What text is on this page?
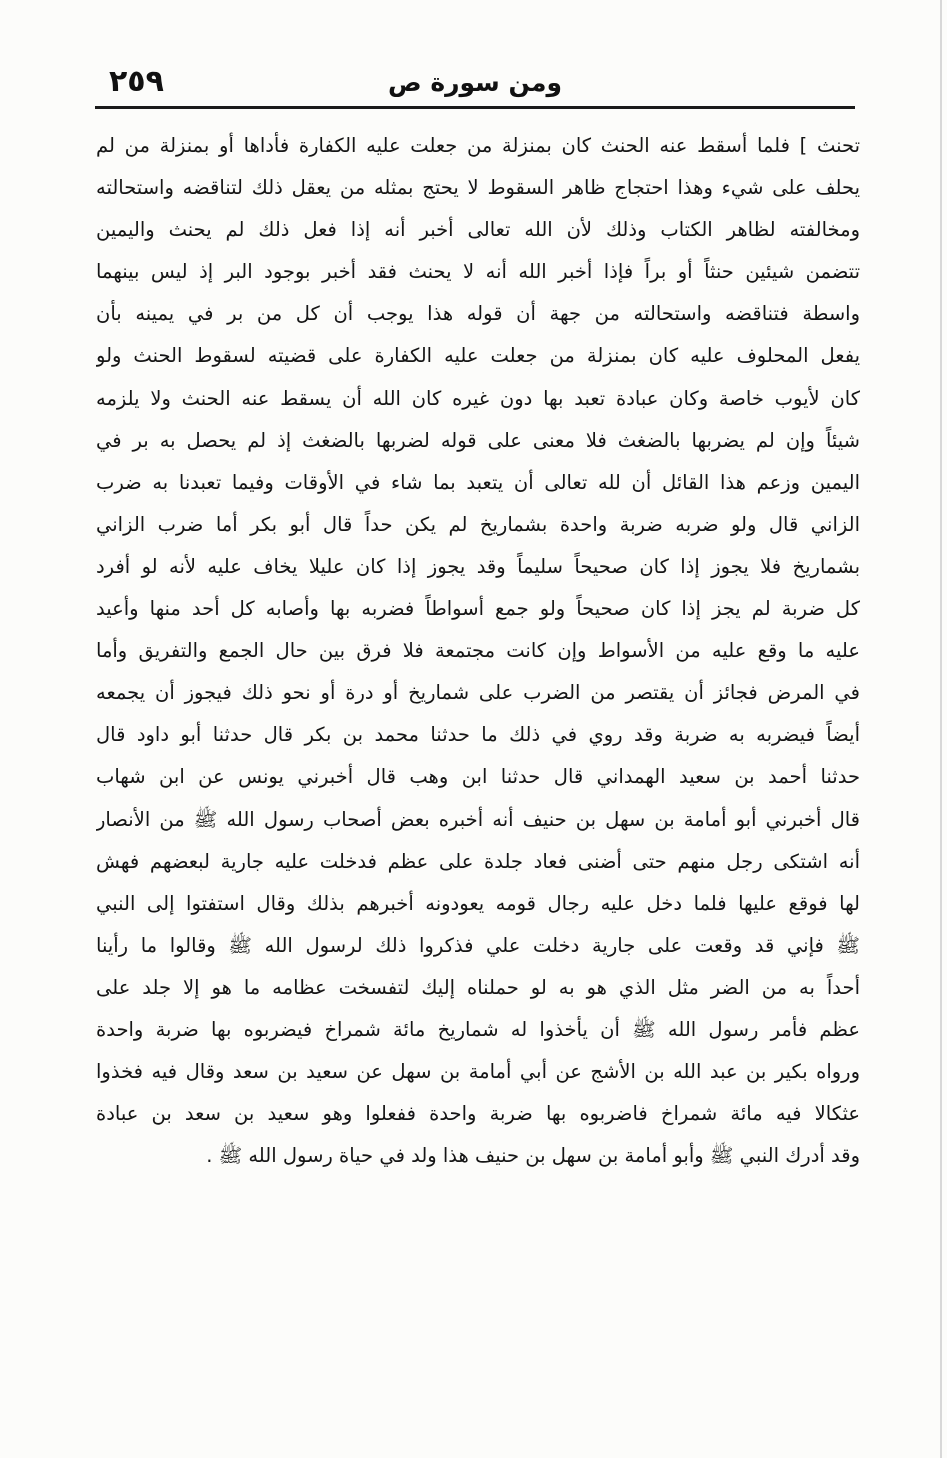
٢٥٩	ومن سورة ص
تحنث ] فلما أسقط عنه الحنث كان بمنزلة من جعلت عليه الكفارة فأداها أو بمنزلة من لم
يحلف على شيء وهذا احتجاج ظاهر السقوط لا يحتج بمثله من يعقل ذلك لتناقضه واستحالته
ومخالفته لظاهر الكتاب وذلك لأن الله تعالى أخبر أنه إذا فعل ذلك لم يحنث واليمين
تتضمن شيئين حنثاً أو براً فإذا أخبر الله أنه لا يحنث فقد أخبر بوجود البر إذ ليس بينهما
واسطة فتناقضه واستحالته من جهة أن قوله هذا يوجب أن كل من بر في يمينه بأن
يفعل المحلوف عليه كان بمنزلة من جعلت عليه الكفارة على قضيته لسقوط الحنث ولو
كان لأيوب خاصة وكان عبادة تعبد بها دون غيره كان الله أن يسقط عنه الحنث ولا يلزمه
شيئاً وإن لم يضربها بالضغث فلا معنى على قوله لضربها بالضغث إذ لم يحصل به بر في
اليمين وزعم هذا القائل أن لله تعالى أن يتعبد بما شاء في الأوقات وفيما تعبدنا به ضرب
الزاني قال ولو ضربه ضربة واحدة بشماريخ لم يكن حداً قال أبو بكر أما ضرب الزاني
بشماريخ فلا يجوز إذا كان صحيحاً سليماً وقد يجوز إذا كان عليلا يخاف عليه لأنه لو أفرد
كل ضربة لم يجز إذا كان صحيحاً ولو جمع أسواطاً فضربه بها وأصابه كل أحد منها وأعيد
عليه ما وقع عليه من الأسواط وإن كانت مجتمعة فلا فرق بين حال الجمع والتفريق وأما
في المرض فجائز أن يقتصر من الضرب على شماريخ أو درة أو نحو ذلك فيجوز أن يجمعه
أيضاً فيضربه به ضربة وقد روي في ذلك ما حدثنا محمد بن بكر قال حدثنا أبو داود قال
حدثنا أحمد بن سعيد الهمداني قال حدثنا ابن وهب قال أخبرني يونس عن ابن شهاب
قال أخبرني أبو أمامة بن سهل بن حنيف أنه أخبره بعض أصحاب رسول الله ﷺ من الأنصار
أنه اشتكى رجل منهم حتى أضنى فعاد جلدة على عظم فدخلت عليه جارية لبعضهم فهش
لها فوقع عليها فلما دخل عليه رجال قومه يعودونه أخبرهم بذلك وقال استفتوا إلى النبي
ﷺ فإني قد وقعت على جارية دخلت علي فذكروا ذلك لرسول الله ﷺ وقالوا ما رأينا
أحداً به من الضر مثل الذي هو به لو حملناه إليك لتفسخت عظامه ما هو إلا جلد على
عظم فأمر رسول الله ﷺ أن يأخذوا له شماريخ مائة شمراخ فيضربوه بها ضربة واحدة
ورواه بكير بن عبد الله بن الأشج عن أبي أمامة بن سهل عن سعيد بن سعد وقال فيه فخذوا
عثكالا فيه مائة شمراخ فاضربوه بها ضربة واحدة ففعلوا وهو سعيد بن سعد بن عبادة
وقد أدرك النبي ﷺ وأبو أمامة بن سهل بن حنيف هذا ولد في حياة رسول الله ﷺ .
